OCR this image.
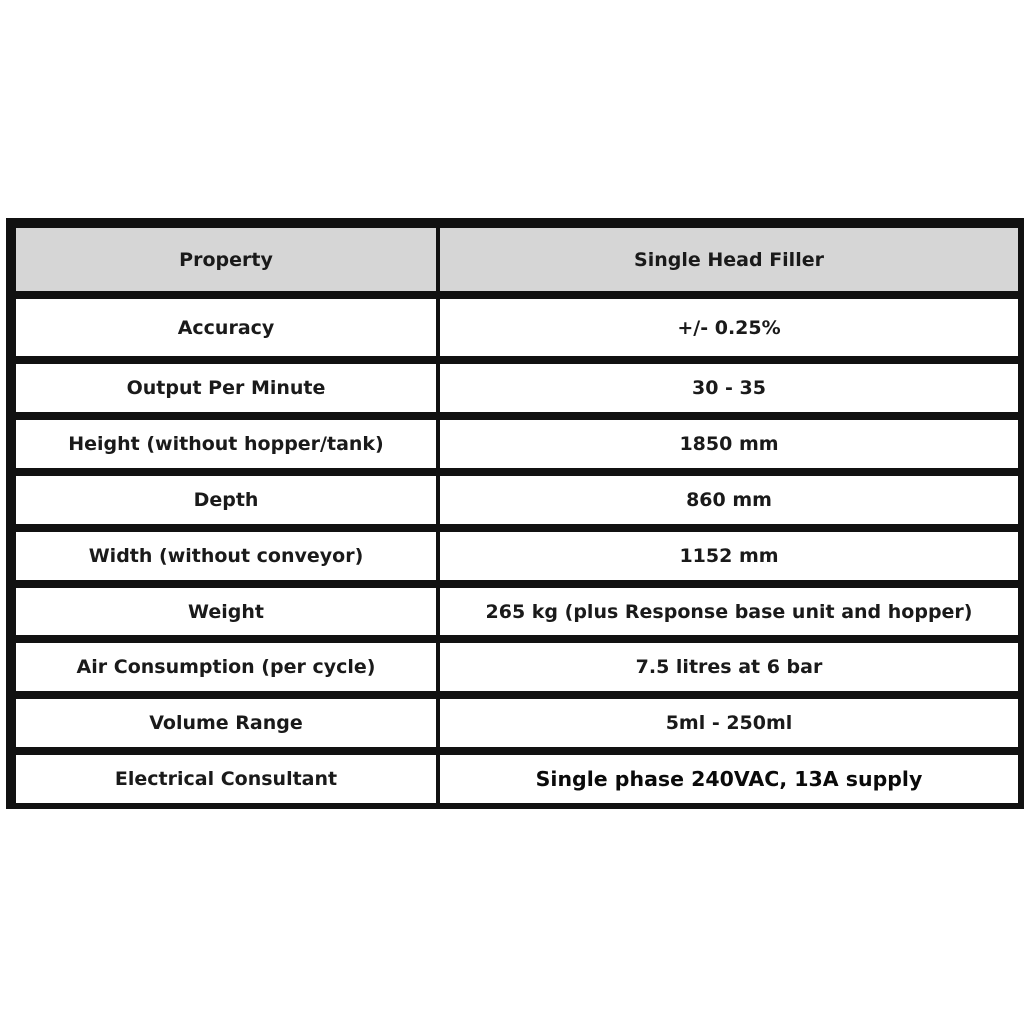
Property	Single Head Filler
Accuracy	+/- 0.25%
Output Per Minute	30 - 35
Height (without hopper/tank)	1850 mm
Depth	860 mm
Width (without conveyor)	1152 mm
Weight	265 kg (plus Response base unit and hopper)
Air Consumption (per cycle)	7.5 litres at 6 bar
Volume Range	5ml - 250ml
Electrical Consultant	Single phase 240VAC, 13A supply
